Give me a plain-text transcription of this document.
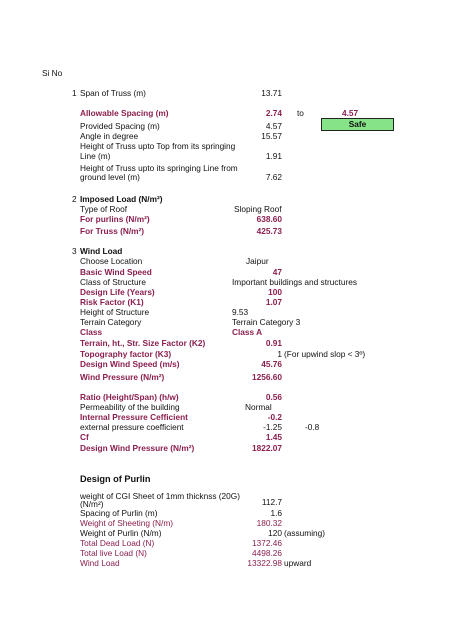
Si No
1 Span of Truss (m)	13.71
Allowable Spacing (m)	2.74 to	4.57
Provided Spacing (m)	4.57	Safe
Angle in degree	15.57
Height of Truss upto Top from its springing
Line (m)	1.91
Height of Truss upto its springing Line from
ground level (m)	7.62
2 Imposed Load (N/m²)
Type of Roof	Sloping Roof
For purlins (N/m²)	638.60
For Truss (N/m²)	425.73
3 Wind Load
Choose Location	Jaipur
Basic Wind Speed	47
Class of Structure	Important buildings and structures
Design Life (Years)	100
Risk Factor (K1)	1.07
Height of Structure	9.53
Terrain Category	Terrain Category 3
Class	Class A
Terrain, ht., Str. Size Factor (K2)	0.91
Topography factor (K3)	1 (For upwind slop < 3º)
Design Wind Speed (m/s)	45.76
Wind Pressure (N/m²)	1256.60
Ratio (Height/Span) (h/w)	0.56
Permeability of the building	Normal
Internal Pressure Cefficient	-0.2
external pressure coefficient	-1.25	-0.8
Cf	1.45
Design Wind Pressure (N/m²)	1822.07
Design of Purlin
weight of CGI Sheet of 1mm thicknss (20G)
(N/m²)	112.7
Spacing of Purlin (m)	1.6
Weight of Sheeting (N/m)	180.32
Weight of Purlin (N/m)	120 (assuming)
Total Dead Load (N)	1372.46
Total live Load (N)	4498.26
Wind Load	13322.98 upward
